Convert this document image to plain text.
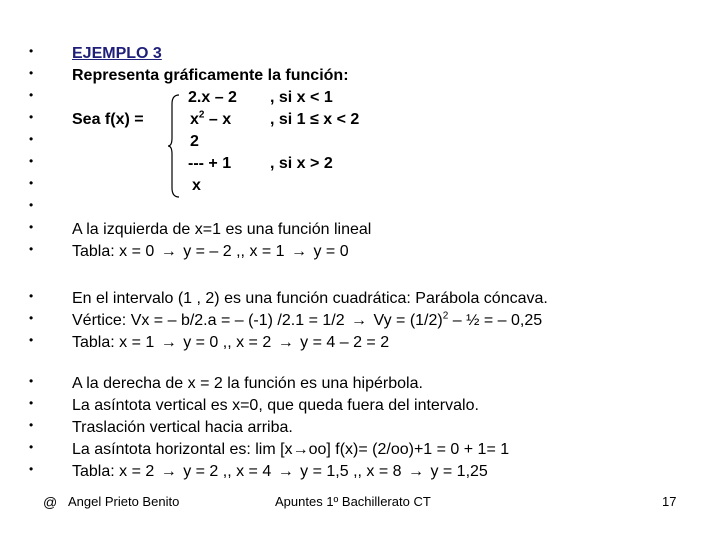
•
•
•
•
•
•
•
•
•
•
•
•
•
•
•
•
•
•
EJEMPLO 3
Representa gráficamente la función:
Sea f(x) =
2.x – 2 , si x < 1
$x^2$ – x , si 1 ≤ x < 2
2
--- + 1 , si x > 2
x
A la izquierda de x=1 es una función lineal
Tabla: x = 0 → y = – 2 ,, x = 1 → y = 0
En el intervalo (1 , 2) es una función cuadrática: Parábola cóncava.
Vértice: Vx = – b/2.a = – (-1) $/2.1 = 1/2 \to Vy = (1/2)^2$ – ½ = – 0,25
Tabla: x = 1 → y = 0 ,, x = 2 → y = 4 – 2 = 2
A la derecha de x = 2 la función es una hipérbola.
La asíntota vertical es x=0, que queda fuera del intervalo.
Traslación vertical hacia arriba.
La asíntota horizontal es: lim [x→oo] f(x)= (2/oo)+1 = 0 + 1= 1
Tabla: x = 2 → y = 2 ,, x = 4 → y = 1,5 ,, x = 8 → y = 1,25
@ Angel Prieto Benito	Apuntes 1º Bachillerato CT	17
